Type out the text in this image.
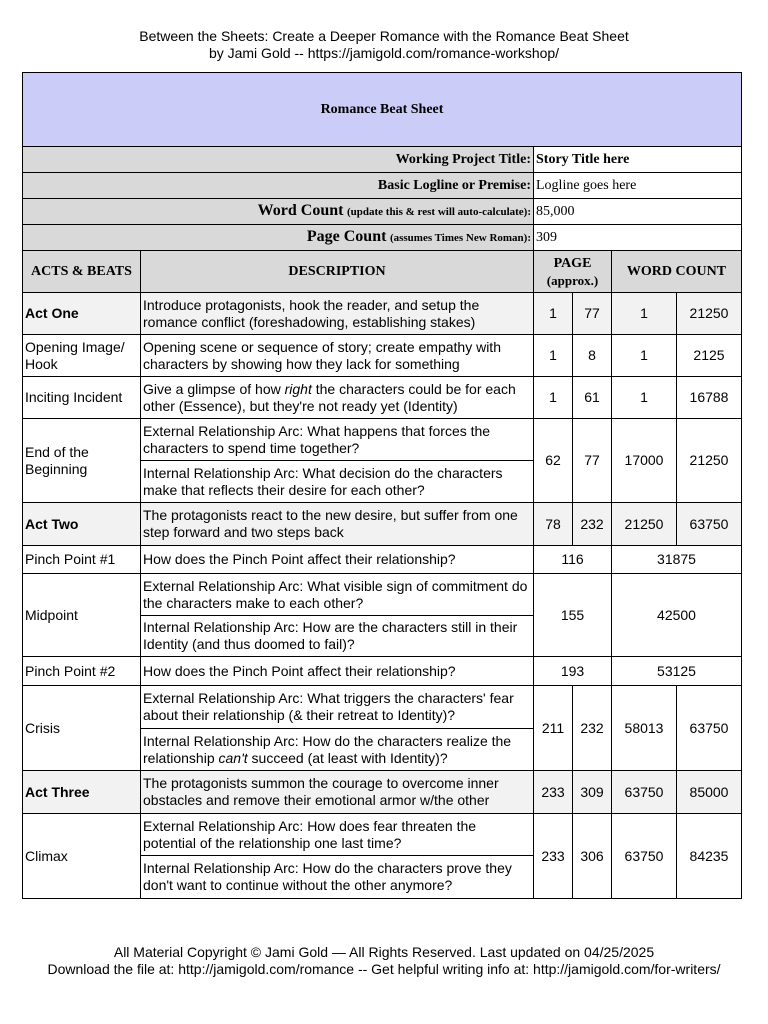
Between the Sheets: Create a Deeper Romance with the Romance Beat Sheet
by Jami Gold -- https://jamigold.com/romance-workshop/
Romance Beat Sheet					
Working Project Title:		Story Title here			
Basic Logline or Premise:		Logline goes here			
Word Count (update this & rest will auto-calculate):		85,000			
Page Count (assumes Times New Roman):		309			
ACTS & BEATS	DESCRIPTION	PAGE
(approx.)		WORD COUNT	
Act One	Introduce protagonists, hook the reader, and setup the romance conflict (foreshadowing, establishing stakes)	1	77	1	21250
Opening Image/ Hook	Opening scene or sequence of story; create empathy with characters by showing how they lack for something	1	8	1	2125
Inciting Incident	Give a glimpse of how right the characters could be for each other (Essence), but they're not ready yet (Identity)	1	61	1	16788
End of the Beginning	External Relationship Arc: What happens that forces the characters to spend time together?	62	77	17000	21250
	Internal Relationship Arc: What decision do the characters make that reflects their desire for each other?				
Act Two	The protagonists react to the new desire, but suffer from one step forward and two steps back	78	232	21250	63750
Pinch Point #1	How does the Pinch Point affect their relationship?	116		31875	
Midpoint	External Relationship Arc: What visible sign of commitment do the characters make to each other?	155		42500	
	Internal Relationship Arc: How are the characters still in their Identity (and thus doomed to fail)?				
Pinch Point #2	How does the Pinch Point affect their relationship?	193		53125	
Crisis	External Relationship Arc: What triggers the characters' fear about their relationship (& their retreat to Identity)?	211	232	58013	63750
	Internal Relationship Arc: How do the characters realize the relationship can't succeed (at least with Identity)?				
Act Three	The protagonists summon the courage to overcome inner obstacles and remove their emotional armor w/the other	233	309	63750	85000
Climax	External Relationship Arc: How does fear threaten the potential of the relationship one last time?	233	306	63750	84235
	Internal Relationship Arc: How do the characters prove they don't want to continue without the other anymore?				
All Material Copyright © Jami Gold — All Rights Reserved. Last updated on 04/25/2025
Download the file at: http://jamigold.com/romance -- Get helpful writing info at: http://jamigold.com/for-writers/
